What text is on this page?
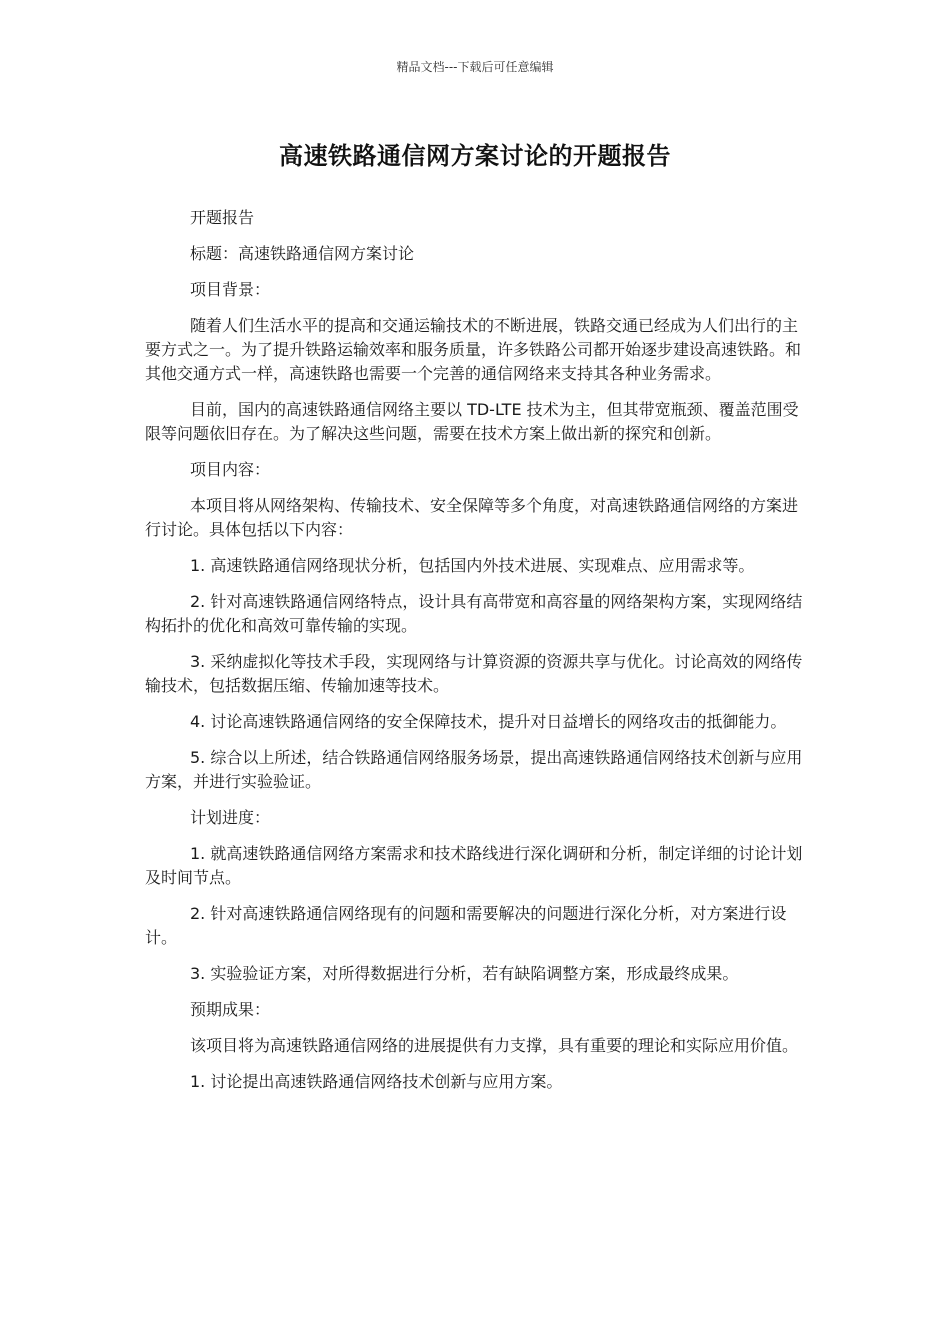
精品文档---下载后可任意编辑
高速铁路通信网方案讨论的开题报告

开题报告

标题：高速铁路通信网方案讨论

项目背景：

随着人们生活水平的提高和交通运输技术的不断进展，铁路交通已经成为人们出行的主要方式之一。为了提升铁路运输效率和服务质量，许多铁路公司都开始逐步建设高速铁路。和其他交通方式一样，高速铁路也需要一个完善的通信网络来支持其各种业务需求。

目前，国内的高速铁路通信网络主要以 TD-LTE 技术为主，但其带宽瓶颈、覆盖范围受限等问题依旧存在。为了解决这些问题，需要在技术方案上做出新的探究和创新。

项目内容：

本项目将从网络架构、传输技术、安全保障等多个角度，对高速铁路通信网络的方案进行讨论。具体包括以下内容：

1. 高速铁路通信网络现状分析，包括国内外技术进展、实现难点、应用需求等。

2. 针对高速铁路通信网络特点，设计具有高带宽和高容量的网络架构方案，实现网络结构拓扑的优化和高效可靠传输的实现。

3. 采纳虚拟化等技术手段，实现网络与计算资源的资源共享与优化。讨论高效的网络传输技术，包括数据压缩、传输加速等技术。

4. 讨论高速铁路通信网络的安全保障技术，提升对日益增长的网络攻击的抵御能力。

5. 综合以上所述，结合铁路通信网络服务场景，提出高速铁路通信网络技术创新与应用方案，并进行实验验证。

计划进度：

1. 就高速铁路通信网络方案需求和技术路线进行深化调研和分析，制定详细的讨论计划及时间节点。

2. 针对高速铁路通信网络现有的问题和需要解决的问题进行深化分析，对方案进行设计。

3. 实验验证方案，对所得数据进行分析，若有缺陷调整方案，形成最终成果。

预期成果：

该项目将为高速铁路通信网络的进展提供有力支撑，具有重要的理论和实际应用价值。

1. 讨论提出高速铁路通信网络技术创新与应用方案。
